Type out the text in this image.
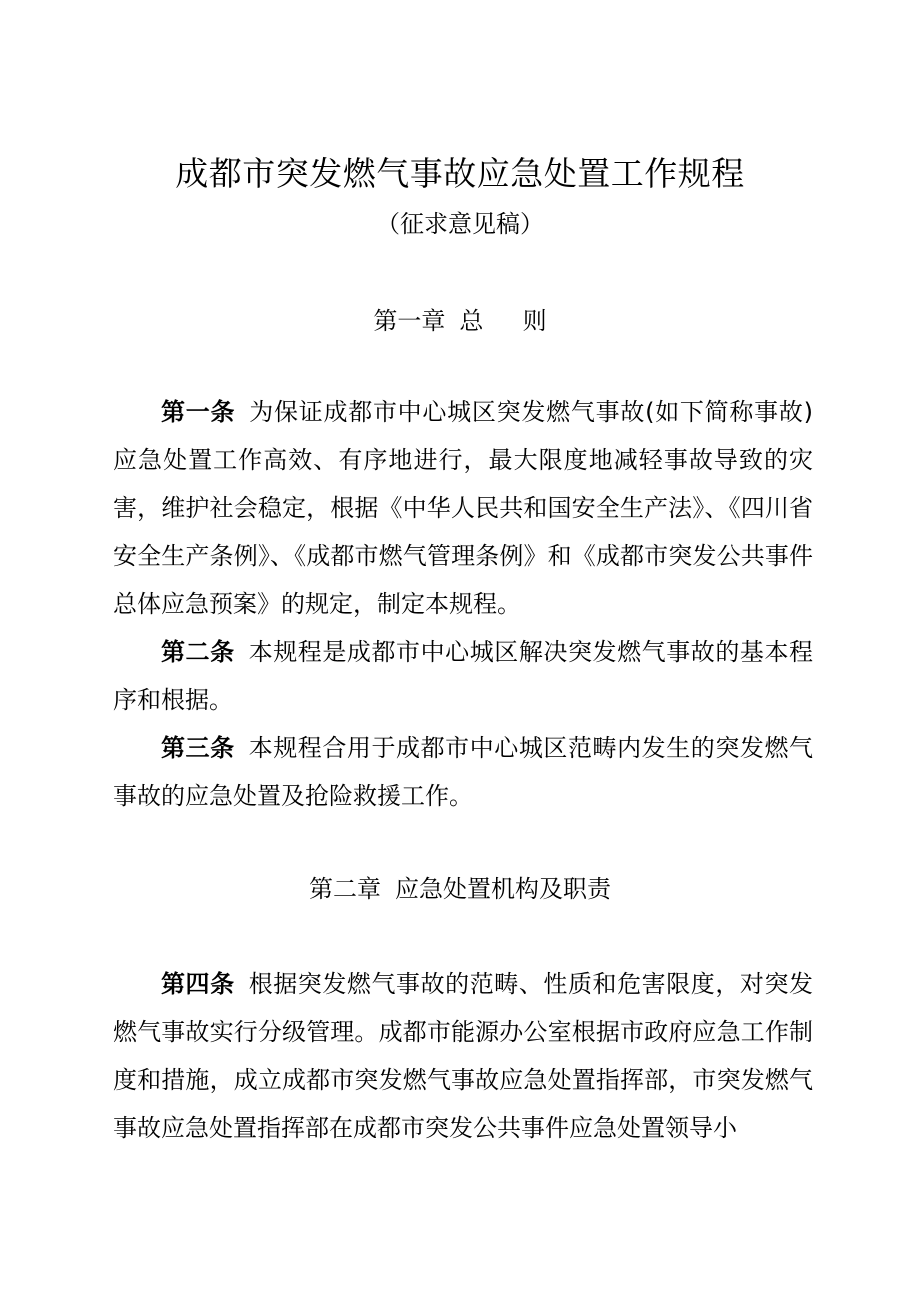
成都市突发燃气事故应急处置工作规程
（征求意见稿）
第一章 总  则
第一条 为保证成都市中心城区突发燃气事故(如下简称事故)应急处置工作高效、有序地进行，最大限度地减轻事故导致的灾害，维护社会稳定，根据《中华人民共和国安全生产法》、《四川省安全生产条例》、《成都市燃气管理条例》和《成都市突发公共事件总体应急预案》的规定，制定本规程。
第二条 本规程是成都市中心城区解决突发燃气事故的基本程序和根据。
第三条 本规程合用于成都市中心城区范畴内发生的突发燃气事故的应急处置及抢险救援工作。
第二章 应急处置机构及职责
第四条 根据突发燃气事故的范畴、性质和危害限度，对突发燃气事故实行分级管理。成都市能源办公室根据市政府应急工作制度和措施，成立成都市突发燃气事故应急处置指挥部，市突发燃气事故应急处置指挥部在成都市突发公共事件应急处置领导小
